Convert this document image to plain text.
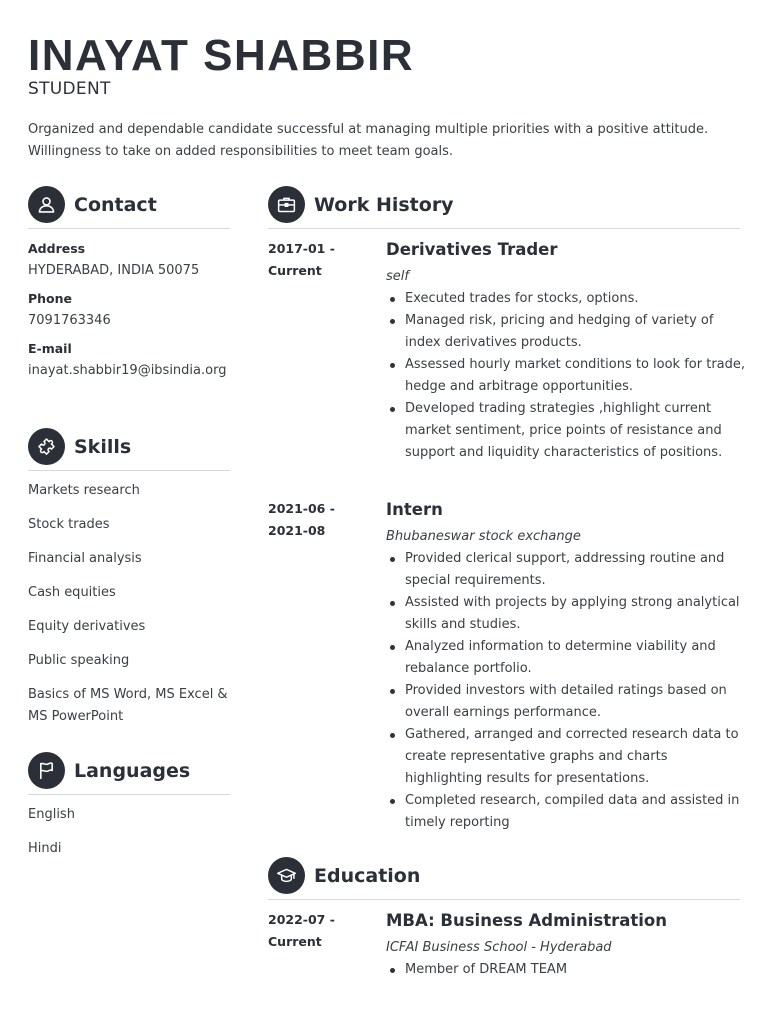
INAYAT SHABBIR
STUDENT
Organized and dependable candidate successful at managing multiple priorities with a positive attitude. Willingness to take on added responsibilities to meet team goals.
Contact
Address
HYDERABAD, INDIA 50075
Phone
7091763346
E-mail
inayat.shabbir19@ibsindia.org
Skills
Markets research
Stock trades
Financial analysis
Cash equities
Equity derivatives
Public speaking
Basics of MS Word, MS Excel & MS PowerPoint
Languages
English
Hindi
Work History
2017-01 -
Current
Derivatives Trader
self
Executed trades for stocks, options.
Managed risk, pricing and hedging of variety of index derivatives products.
Assessed hourly market conditions to look for trade, hedge and arbitrage opportunities.
Developed trading strategies ,highlight current market sentiment, price points of resistance and support and liquidity characteristics of positions.
2021-06 -
2021-08
Intern
Bhubaneswar stock exchange
Provided clerical support, addressing routine and special requirements.
Assisted with projects by applying strong analytical skills and studies.
Analyzed information to determine viability and rebalance portfolio.
Provided investors with detailed ratings based on overall earnings performance.
Gathered, arranged and corrected research data to create representative graphs and charts highlighting results for presentations.
Completed research, compiled data and assisted in timely reporting
Education
2022-07 -
Current
MBA: Business Administration
ICFAI Business School - Hyderabad
Member of DREAM TEAM
